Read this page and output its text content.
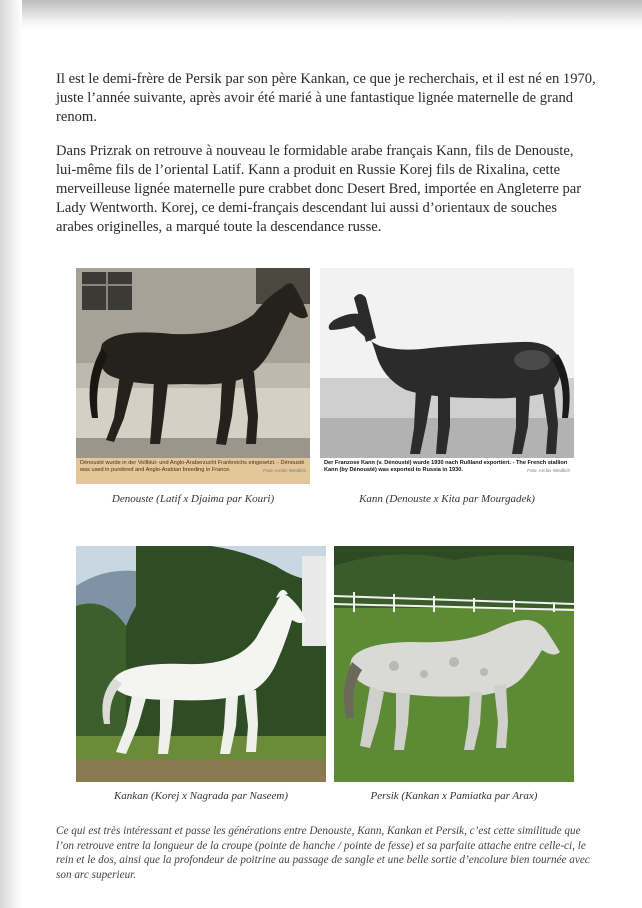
Il est le demi-frère de Persik par son père Kankan, ce que je recherchais, et il est né en 1970, juste l’année suivante, après avoir été marié à une fantastique lignée maternelle de grand renom.

Dans Prizrak on retrouve à nouveau le formidable arabe français Kann, fils de Denouste, lui-même fils de l’oriental Latif. Kann a produit en Russie Korej fils de Rixalina, cette merveilleuse lignée maternelle pure crabbet donc Desert Bred, importée en Angleterre par Lady Wentworth. Korej, ce demi-français descendant lui aussi d’orientaux de souches arabes originelles, a marqué toute la descendance russe.

Dénousté wurde in der Vollblut- und Anglo-Araberzucht Frankreichs eingesetzt. - Dénousté was used in purebred and Anglo-Arabian breeding in France.	Foto: Archiv Weidlich
Denouste (Latif x Djaima par Kouri)
Der Franzose Kann (v. Dénousté) wurde 1930 nach Rußland exportiert. - The French stallion Kann (by Dénousté) was exported to Russia in 1930.	Foto: Archiv Weidlich
Kann (Denouste x Kita par Mourgadek)
Kankan (Korej x Nagrada par Naseem)	Persik (Kankan x Pamiatka par Arax)

Ce qui est très intéressant et passe les générations entre Denouste, Kann, Kankan et Persik, c’est cette similitude que l’on retrouve entre la longueur de la croupe (pointe de hanche / pointe de fesse) et sa parfaite attache entre celle-ci, le rein et le dos, ainsi que la profondeur de poitrine au passage de sangle et une belle sortie d’encolure bien tournée avec son arc superieur.
